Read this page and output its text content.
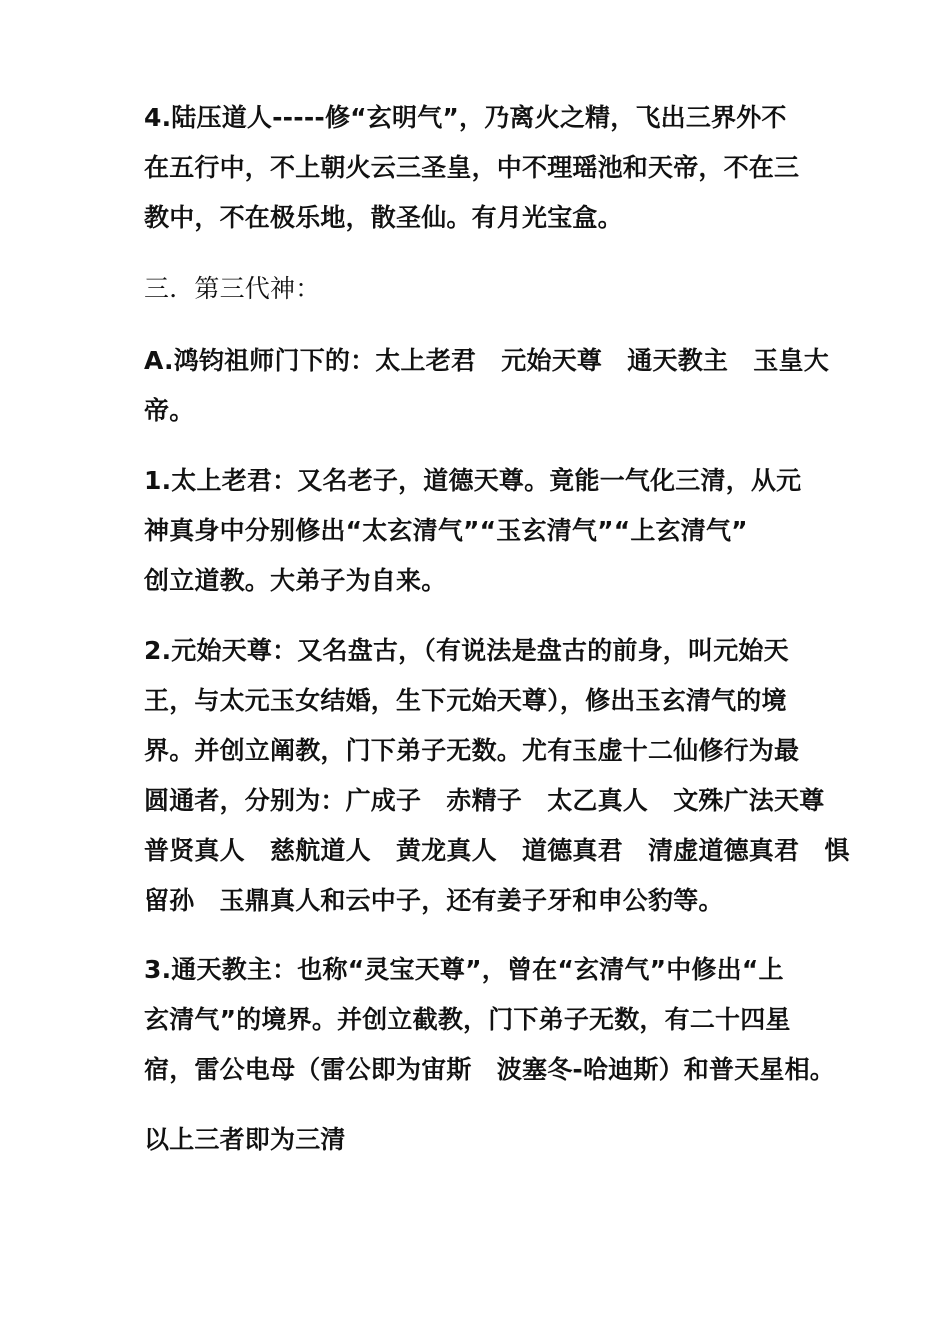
4.陆压道人-----修“玄明气”，乃离火之精，飞出三界外不
在五行中，不上朝火云三圣皇，中不理瑶池和天帝，不在三
教中，不在极乐地，散圣仙。有月光宝盒。

三．第三代神：

A.鸿钧祖师门下的：太上老君　元始天尊　通天教主　玉皇大
帝。

1.太上老君：又名老子，道德天尊。竟能一气化三清，从元
神真身中分别修出“太玄清气”“玉玄清气”“上玄清气”
创立道教。大弟子为自来。

2.元始天尊：又名盘古，（有说法是盘古的前身，叫元始天
王，与太元玉女结婚，生下元始天尊），修出玉玄清气的境
界。并创立阐教，门下弟子无数。尤有玉虚十二仙修行为最
圆通者，分别为：广成子　赤精子　太乙真人　文殊广法天尊
普贤真人　慈航道人　黄龙真人　道德真君　清虚道德真君　惧
留孙　玉鼎真人和云中子，还有姜子牙和申公豹等。

3.通天教主：也称“灵宝天尊”，曾在“玄清气”中修出“上
玄清气”的境界。并创立截教，门下弟子无数，有二十四星
宿，雷公电母（雷公即为宙斯　波塞冬-哈迪斯）和普天星相。

以上三者即为三清
